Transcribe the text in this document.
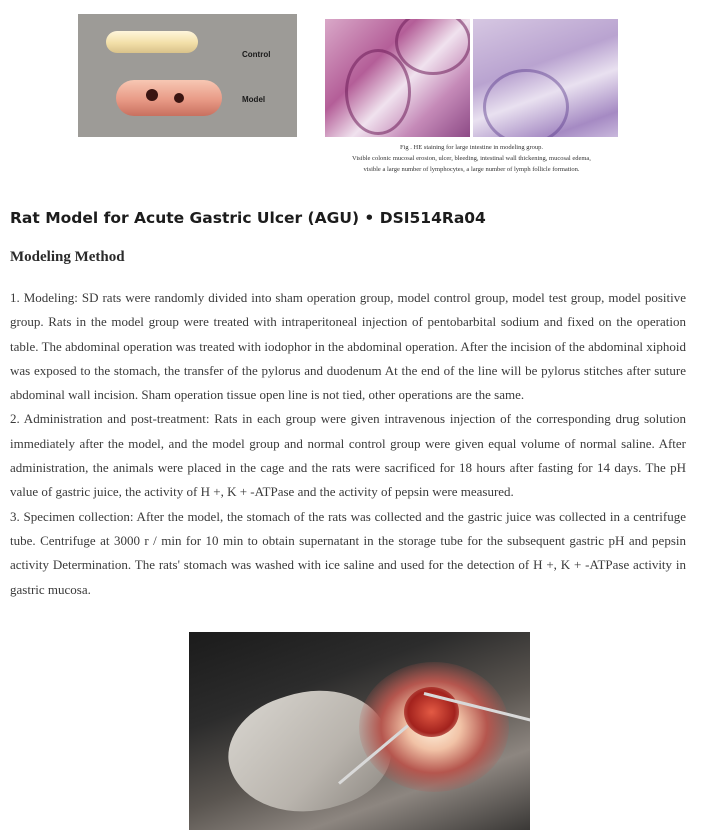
Control
Model
Fig . HE staining for large intestine in modeling group.
Visible colonic mucosal erosion, ulcer, bleeding, intestinal wall thickening, mucosal edema,
visible a large number of lymphocytes, a large number of lymph follicle formation.
Rat Model for Acute Gastric Ulcer (AGU) • DSI514Ra04
Modeling Method

1. Modeling: SD rats were randomly divided into sham operation group, model control group, model test group, model positive group. Rats in the model group were treated with intraperitoneal injection of pentobarbital sodium and fixed on the operation table. The abdominal operation was treated with iodophor in the abdominal operation. After the incision of the abdominal xiphoid was exposed to the stomach, the transfer of the pylorus and duodenum At the end of the line will be pylorus stitches after suture abdominal wall incision. Sham operation tissue open line is not tied, other operations are the same.

2. Administration and post-treatment: Rats in each group were given intravenous injection of the corresponding drug solution immediately after the model, and the model group and normal control group were given equal volume of normal saline. After administration, the animals were placed in the cage and the rats were sacrificed for 18 hours after fasting for 14 days. The pH value of gastric juice, the activity of H +, K + -ATPase and the activity of pepsin were measured.

3. Specimen collection: After the model, the stomach of the rats was collected and the gastric juice was collected in a centrifuge tube. Centrifuge at 3000 r / min for 10 min to obtain supernatant in the storage tube for the subsequent gastric pH and pepsin activity Determination. The rats' stomach was washed with ice saline and used for the detection of H +, K + -ATPase activity in gastric mucosa.
